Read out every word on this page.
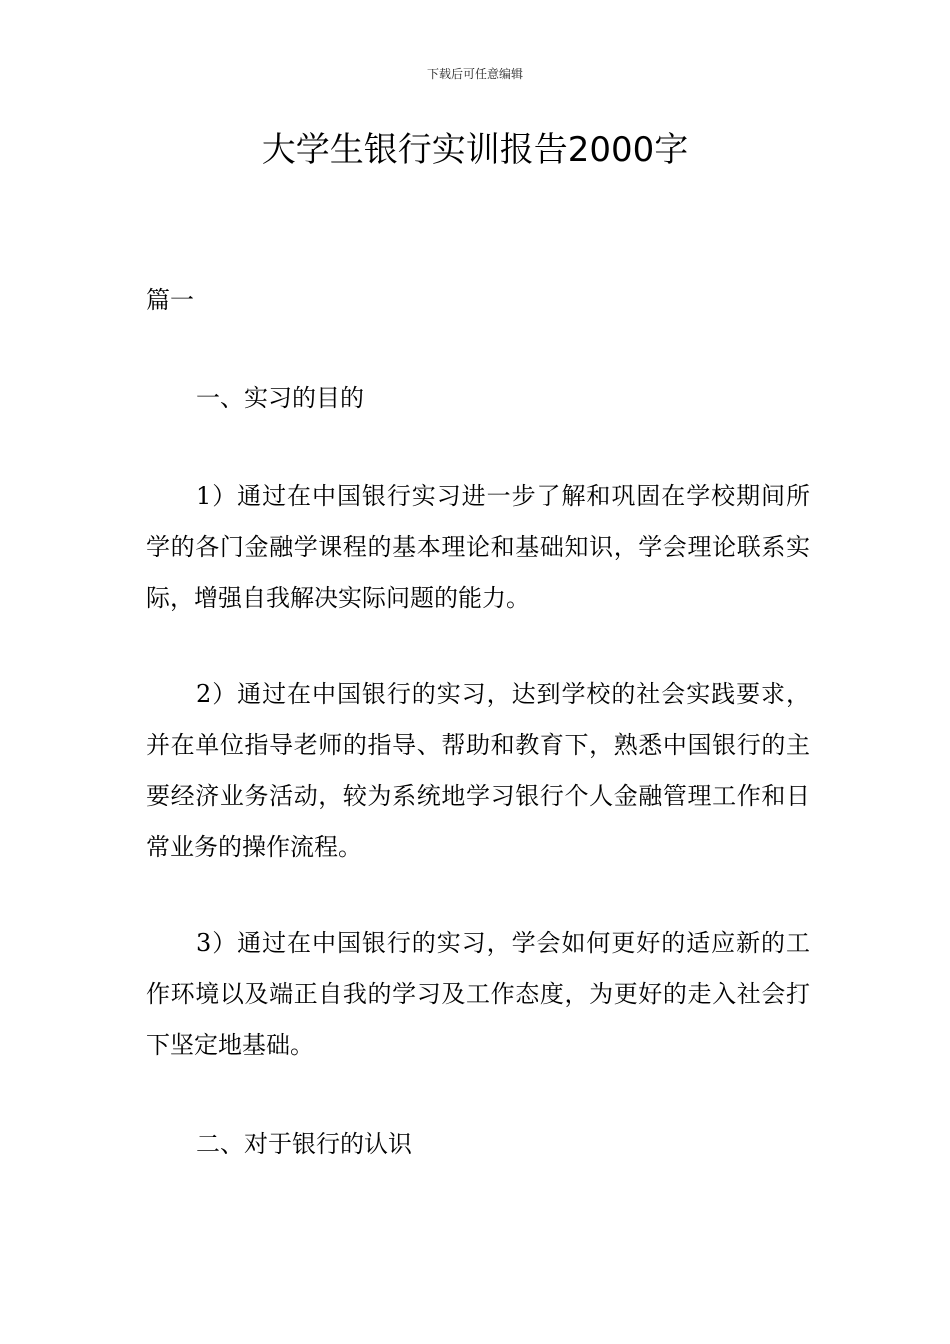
下载后可任意编辑
大学生银行实训报告2000字
篇一
一、实习的目的

1）通过在中国银行实习进一步了解和巩固在学校期间所学的各门金融学课程的基本理论和基础知识，学会理论联系实际，增强自我解决实际问题的能力。

2）通过在中国银行的实习，达到学校的社会实践要求，并在单位指导老师的指导、帮助和教育下，熟悉中国银行的主要经济业务活动，较为系统地学习银行个人金融管理工作和日常业务的操作流程。

3）通过在中国银行的实习，学会如何更好的适应新的工作环境以及端正自我的学习及工作态度，为更好的走入社会打下坚定地基础。

二、对于银行的认识
